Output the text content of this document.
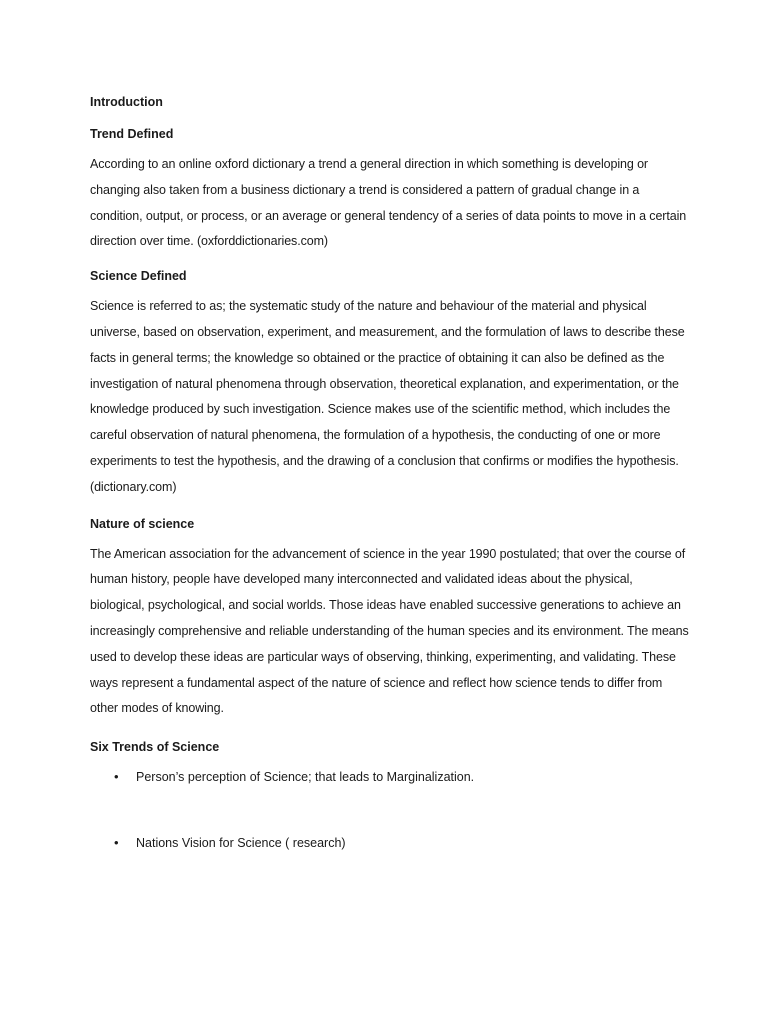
Introduction

Trend Defined

According to an online oxford dictionary a trend a general direction in which something is developing or changing also taken from a business dictionary a trend is considered a pattern of gradual change in a condition, output, or process, or an average or general tendency of a series of data points to move in a certain direction over time. (oxforddictionaries.com)

Science Defined

Science is referred to as; the systematic study of the nature and behaviour of the material and physical universe, based on observation, experiment, and measurement, and the formulation of laws to describe these facts in general terms; the knowledge so obtained or the practice of obtaining it can also be defined as the investigation of natural phenomena through observation, theoretical explanation, and experimentation, or the knowledge produced by such investigation. Science makes use of the scientific method, which includes the careful observation of natural phenomena, the formulation of a hypothesis, the conducting of one or more experiments to test the hypothesis, and the drawing of a conclusion that confirms or modifies the hypothesis. (dictionary.com)

Nature of science

The American association for the advancement of science in the year 1990 postulated; that over the course of human history, people have developed many interconnected and validated ideas about the physical, biological, psychological, and social worlds. Those ideas have enabled successive generations to achieve an increasingly comprehensive and reliable understanding of the human species and its environment. The means used to develop these ideas are particular ways of observing, thinking, experimenting, and validating. These ways represent a fundamental aspect of the nature of science and reflect how science tends to differ from other modes of knowing.

Six Trends of Science

• Person’s perception of Science; that leads to Marginalization.
• Nations Vision for Science ( research)
